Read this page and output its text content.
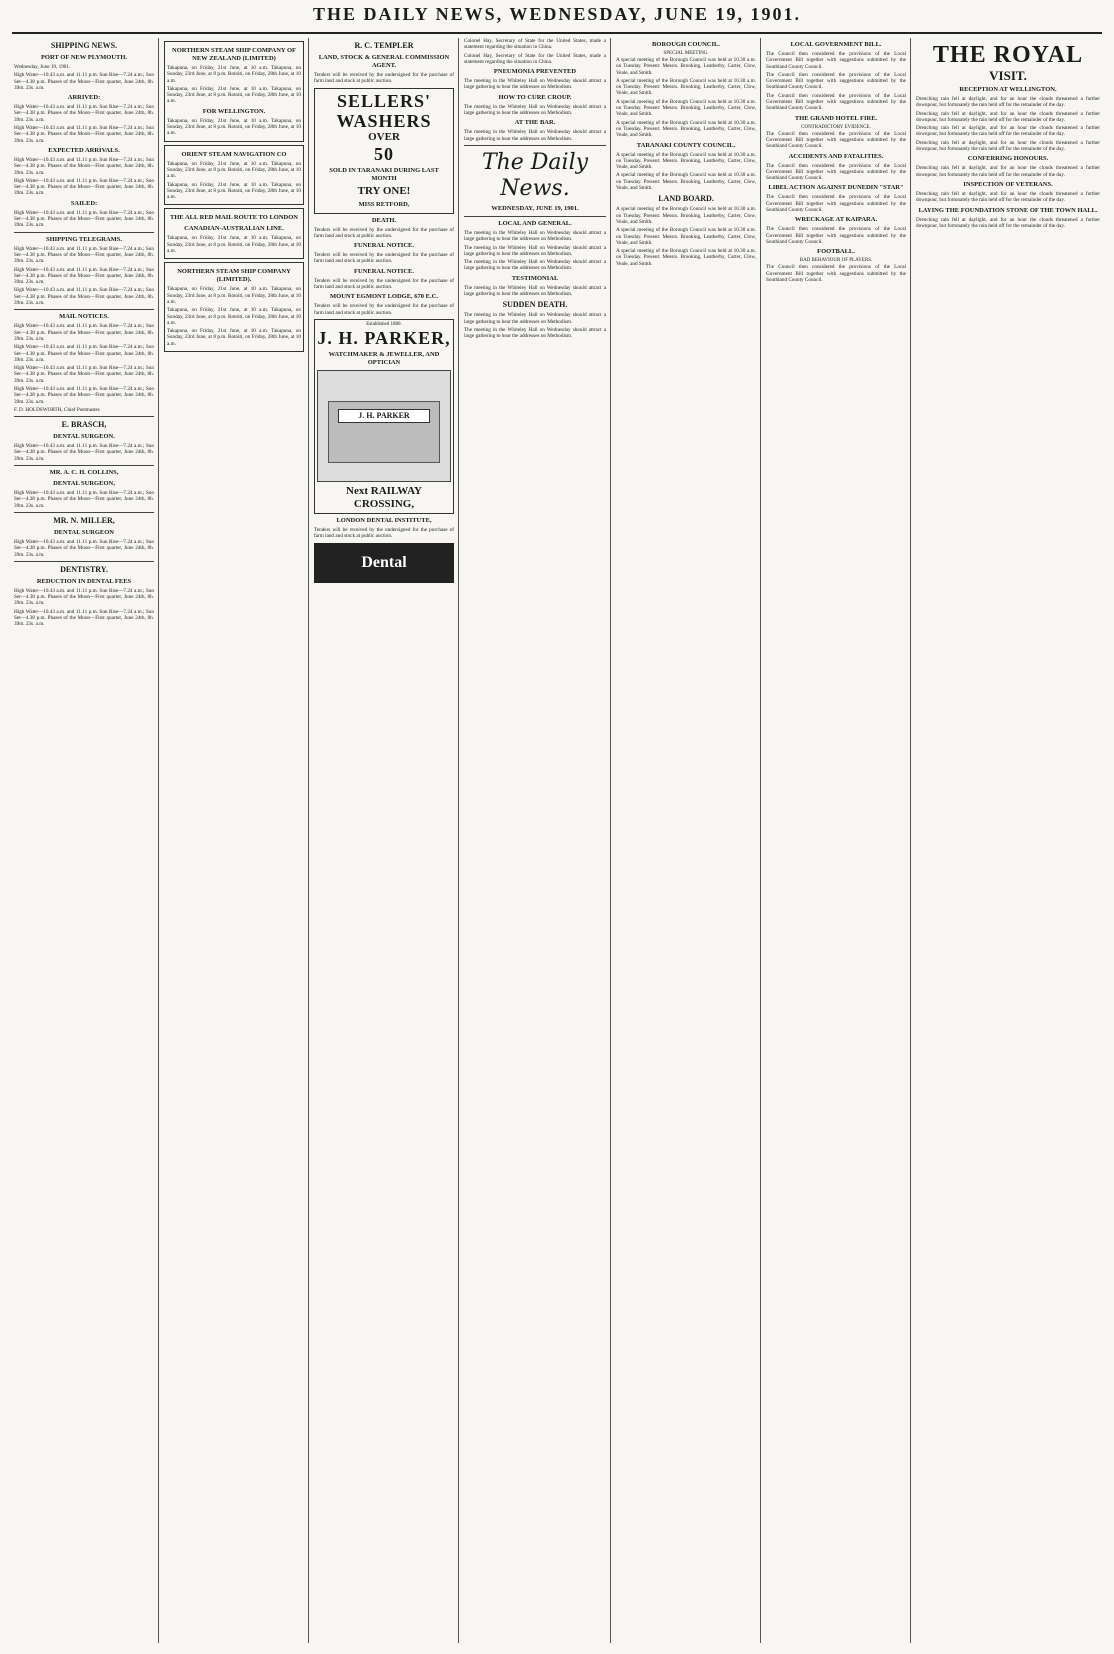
THE DAILY NEWS, WEDNESDAY, JUNE 19, 1901.
SHIPPING NEWS.
PORT OF NEW PLYMOUTH.

Wednesday, June 19, 1901.

High Water—10.43 a.m. and 11.11 p.m. Sun Rise—7.24 a.m.; Sun Set—4.38 p.m. Phases of the Moon—First quarter, June 24th, 8h. 39m. 23s. a.m.

ARRIVED:

High Water—10.43 a.m. and 11.11 p.m. Sun Rise—7.24 a.m.; Sun Set—4.38 p.m. Phases of the Moon—First quarter, June 24th, 8h. 39m. 23s. a.m.

High Water—10.43 a.m. and 11.11 p.m. Sun Rise—7.24 a.m.; Sun Set—4.38 p.m. Phases of the Moon—First quarter, June 24th, 8h. 39m. 23s. a.m.

EXPECTED ARRIVALS.

High Water—10.43 a.m. and 11.11 p.m. Sun Rise—7.24 a.m.; Sun Set—4.38 p.m. Phases of the Moon—First quarter, June 24th, 8h. 39m. 23s. a.m.

High Water—10.43 a.m. and 11.11 p.m. Sun Rise—7.24 a.m.; Sun Set—4.38 p.m. Phases of the Moon—First quarter, June 24th, 8h. 39m. 23s. a.m.

SAILED:

High Water—10.43 a.m. and 11.11 p.m. Sun Rise—7.24 a.m.; Sun Set—4.38 p.m. Phases of the Moon—First quarter, June 24th, 8h. 39m. 23s. a.m.

SHIPPING TELEGRAMS.

High Water—10.43 a.m. and 11.11 p.m. Sun Rise—7.24 a.m.; Sun Set—4.38 p.m. Phases of the Moon—First quarter, June 24th, 8h. 39m. 23s. a.m.

High Water—10.43 a.m. and 11.11 p.m. Sun Rise—7.24 a.m.; Sun Set—4.38 p.m. Phases of the Moon—First quarter, June 24th, 8h. 39m. 23s. a.m.

High Water—10.43 a.m. and 11.11 p.m. Sun Rise—7.24 a.m.; Sun Set—4.38 p.m. Phases of the Moon—First quarter, June 24th, 8h. 39m. 23s. a.m.

MAIL NOTICES.

High Water—10.43 a.m. and 11.11 p.m. Sun Rise—7.24 a.m.; Sun Set—4.38 p.m. Phases of the Moon—First quarter, June 24th, 8h. 39m. 23s. a.m.

High Water—10.43 a.m. and 11.11 p.m. Sun Rise—7.24 a.m.; Sun Set—4.38 p.m. Phases of the Moon—First quarter, June 24th, 8h. 39m. 23s. a.m.

High Water—10.43 a.m. and 11.11 p.m. Sun Rise—7.24 a.m.; Sun Set—4.38 p.m. Phases of the Moon—First quarter, June 24th, 8h. 39m. 23s. a.m.

High Water—10.43 a.m. and 11.11 p.m. Sun Rise—7.24 a.m.; Sun Set—4.38 p.m. Phases of the Moon—First quarter, June 24th, 8h. 39m. 23s. a.m.

F. D. HOLDSWORTH, Chief Postmaster.

E. BRASCH,
DENTAL SURGEON.

High Water—10.43 a.m. and 11.11 p.m. Sun Rise—7.24 a.m.; Sun Set—4.38 p.m. Phases of the Moon—First quarter, June 24th, 8h. 39m. 23s. a.m.

MR. A. C. H. COLLINS,
DENTAL SURGEON,

High Water—10.43 a.m. and 11.11 p.m. Sun Rise—7.24 a.m.; Sun Set—4.38 p.m. Phases of the Moon—First quarter, June 24th, 8h. 39m. 23s. a.m.

MR. N. MILLER,
DENTAL SURGEON

High Water—10.43 a.m. and 11.11 p.m. Sun Rise—7.24 a.m.; Sun Set—4.38 p.m. Phases of the Moon—First quarter, June 24th, 8h. 39m. 23s. a.m.

DENTISTRY.
REDUCTION IN DENTAL FEES

High Water—10.43 a.m. and 11.11 p.m. Sun Rise—7.24 a.m.; Sun Set—4.38 p.m. Phases of the Moon—First quarter, June 24th, 8h. 39m. 23s. a.m.

High Water—10.43 a.m. and 11.11 p.m. Sun Rise—7.24 a.m.; Sun Set—4.38 p.m. Phases of the Moon—First quarter, June 24th, 8h. 39m. 23s. a.m.

NORTHERN STEAM SHIP COMPANY OF NEW ZEALAND (LIMITED)

Takapuna, on Friday, 21st June, at 10 a.m. Takapuna, on Sunday, 23rd June, at 8 p.m. Rotoiti, on Friday, 28th June, at 10 a.m.

Takapuna, on Friday, 21st June, at 10 a.m. Takapuna, on Sunday, 23rd June, at 8 p.m. Rotoiti, on Friday, 28th June, at 10 a.m.

FOR WELLINGTON.

Takapuna, on Friday, 21st June, at 10 a.m. Takapuna, on Sunday, 23rd June, at 8 p.m. Rotoiti, on Friday, 28th June, at 10 a.m.

ORIENT STEAM NAVIGATION CO

Takapuna, on Friday, 21st June, at 10 a.m. Takapuna, on Sunday, 23rd June, at 8 p.m. Rotoiti, on Friday, 28th June, at 10 a.m.

Takapuna, on Friday, 21st June, at 10 a.m. Takapuna, on Sunday, 23rd June, at 8 p.m. Rotoiti, on Friday, 28th June, at 10 a.m.

THE ALL RED MAIL ROUTE TO LONDON
CANADIAN-AUSTRALIAN LINE.

Takapuna, on Friday, 21st June, at 10 a.m. Takapuna, on Sunday, 23rd June, at 8 p.m. Rotoiti, on Friday, 28th June, at 10 a.m.

NORTHERN STEAM SHIP COMPANY (LIMITED).

Takapuna, on Friday, 21st June, at 10 a.m. Takapuna, on Sunday, 23rd June, at 8 p.m. Rotoiti, on Friday, 28th June, at 10 a.m.

Takapuna, on Friday, 21st June, at 10 a.m. Takapuna, on Sunday, 23rd June, at 8 p.m. Rotoiti, on Friday, 28th June, at 10 a.m.

Takapuna, on Friday, 21st June, at 10 a.m. Takapuna, on Sunday, 23rd June, at 8 p.m. Rotoiti, on Friday, 28th June, at 10 a.m.

R. C. TEMPLER
LAND, STOCK & GENERAL COMMISSION AGENT.

Tenders will be received by the undersigned for the purchase of farm land and stock at public auction.

SELLERS' WASHERS
OVER
50
SOLD IN TARANAKI DURING LAST MONTH
TRY ONE!
MISS RETFORD,
DEATH.

Tenders will be received by the undersigned for the purchase of farm land and stock at public auction.

FUNERAL NOTICE.

Tenders will be received by the undersigned for the purchase of farm land and stock at public auction.

FUNERAL NOTICE.

Tenders will be received by the undersigned for the purchase of farm land and stock at public auction.

MOUNT EGMONT LODGE, 670 E.C.

Tenders will be received by the undersigned for the purchase of farm land and stock at public auction.

Established 1880.
J. H. PARKER,
WATCHMAKER & JEWELLER, AND OPTICIAN
J. H. PARKER
Next RAILWAY CROSSING,
LONDON DENTAL INSTITUTE,

Tenders will be received by the undersigned for the purchase of farm land and stock at public auction.

Dental

Colonel Hay, Secretary of State for the United States, made a statement regarding the situation in China.

Colonel Hay, Secretary of State for the United States, made a statement regarding the situation in China.

PNEUMONIA PREVENTED

The meeting in the Whiteley Hall on Wednesday should attract a large gathering to hear the addresses on Methodism.

HOW TO CURE CROUP.

The meeting in the Whiteley Hall on Wednesday should attract a large gathering to hear the addresses on Methodism.

AT THE BAR.

The meeting in the Whiteley Hall on Wednesday should attract a large gathering to hear the addresses on Methodism.

The Daily News.
WEDNESDAY, JUNE 19, 1901.
LOCAL AND GENERAL.

The meeting in the Whiteley Hall on Wednesday should attract a large gathering to hear the addresses on Methodism.

The meeting in the Whiteley Hall on Wednesday should attract a large gathering to hear the addresses on Methodism.

The meeting in the Whiteley Hall on Wednesday should attract a large gathering to hear the addresses on Methodism.

TESTIMONIAL

The meeting in the Whiteley Hall on Wednesday should attract a large gathering to hear the addresses on Methodism.

SUDDEN DEATH.

The meeting in the Whiteley Hall on Wednesday should attract a large gathering to hear the addresses on Methodism.

The meeting in the Whiteley Hall on Wednesday should attract a large gathering to hear the addresses on Methodism.

BOROUGH COUNCIL.
SPECIAL MEETING.

A special meeting of the Borough Council was held at 10.30 a.m. on Tuesday. Present: Messrs. Brooking, Leatherby, Carter, Clow, Veale, and Smith.

A special meeting of the Borough Council was held at 10.30 a.m. on Tuesday. Present: Messrs. Brooking, Leatherby, Carter, Clow, Veale, and Smith.

A special meeting of the Borough Council was held at 10.30 a.m. on Tuesday. Present: Messrs. Brooking, Leatherby, Carter, Clow, Veale, and Smith.

A special meeting of the Borough Council was held at 10.30 a.m. on Tuesday. Present: Messrs. Brooking, Leatherby, Carter, Clow, Veale, and Smith.

TARANAKI COUNTY COUNCIL.

A special meeting of the Borough Council was held at 10.30 a.m. on Tuesday. Present: Messrs. Brooking, Leatherby, Carter, Clow, Veale, and Smith.

A special meeting of the Borough Council was held at 10.30 a.m. on Tuesday. Present: Messrs. Brooking, Leatherby, Carter, Clow, Veale, and Smith.

LAND BOARD.

A special meeting of the Borough Council was held at 10.30 a.m. on Tuesday. Present: Messrs. Brooking, Leatherby, Carter, Clow, Veale, and Smith.

A special meeting of the Borough Council was held at 10.30 a.m. on Tuesday. Present: Messrs. Brooking, Leatherby, Carter, Clow, Veale, and Smith.

A special meeting of the Borough Council was held at 10.30 a.m. on Tuesday. Present: Messrs. Brooking, Leatherby, Carter, Clow, Veale, and Smith.

LOCAL GOVERNMENT BILL.

The Council then considered the provisions of the Local Government Bill together with suggestions submitted by the Southland County Council.

The Council then considered the provisions of the Local Government Bill together with suggestions submitted by the Southland County Council.

The Council then considered the provisions of the Local Government Bill together with suggestions submitted by the Southland County Council.

THE GRAND HOTEL FIRE.
CONTRADICTORY EVIDENCE.

The Council then considered the provisions of the Local Government Bill together with suggestions submitted by the Southland County Council.

ACCIDENTS AND FATALITIES.

The Council then considered the provisions of the Local Government Bill together with suggestions submitted by the Southland County Council.

LIBEL ACTION AGAINST DUNEDIN "STAR"

The Council then considered the provisions of the Local Government Bill together with suggestions submitted by the Southland County Council.

WRECKAGE AT KAIPARA.

The Council then considered the provisions of the Local Government Bill together with suggestions submitted by the Southland County Council.

FOOTBALL.
BAD BEHAVIOUR OF PLAYERS.

The Council then considered the provisions of the Local Government Bill together with suggestions submitted by the Southland County Council.

THE ROYAL
VISIT.
RECEPTION AT WELLINGTON.

Drenching rain fell at daylight, and for an hour the clouds threatened a further downpour, but fortunately the rain held off for the remainder of the day.

Drenching rain fell at daylight, and for an hour the clouds threatened a further downpour, but fortunately the rain held off for the remainder of the day.

Drenching rain fell at daylight, and for an hour the clouds threatened a further downpour, but fortunately the rain held off for the remainder of the day.

Drenching rain fell at daylight, and for an hour the clouds threatened a further downpour, but fortunately the rain held off for the remainder of the day.

CONFERRING HONOURS.

Drenching rain fell at daylight, and for an hour the clouds threatened a further downpour, but fortunately the rain held off for the remainder of the day.

INSPECTION OF VETERANS.

Drenching rain fell at daylight, and for an hour the clouds threatened a further downpour, but fortunately the rain held off for the remainder of the day.

LAYING THE FOUNDATION STONE OF THE TOWN HALL.

Drenching rain fell at daylight, and for an hour the clouds threatened a further downpour, but fortunately the rain held off for the remainder of the day.
